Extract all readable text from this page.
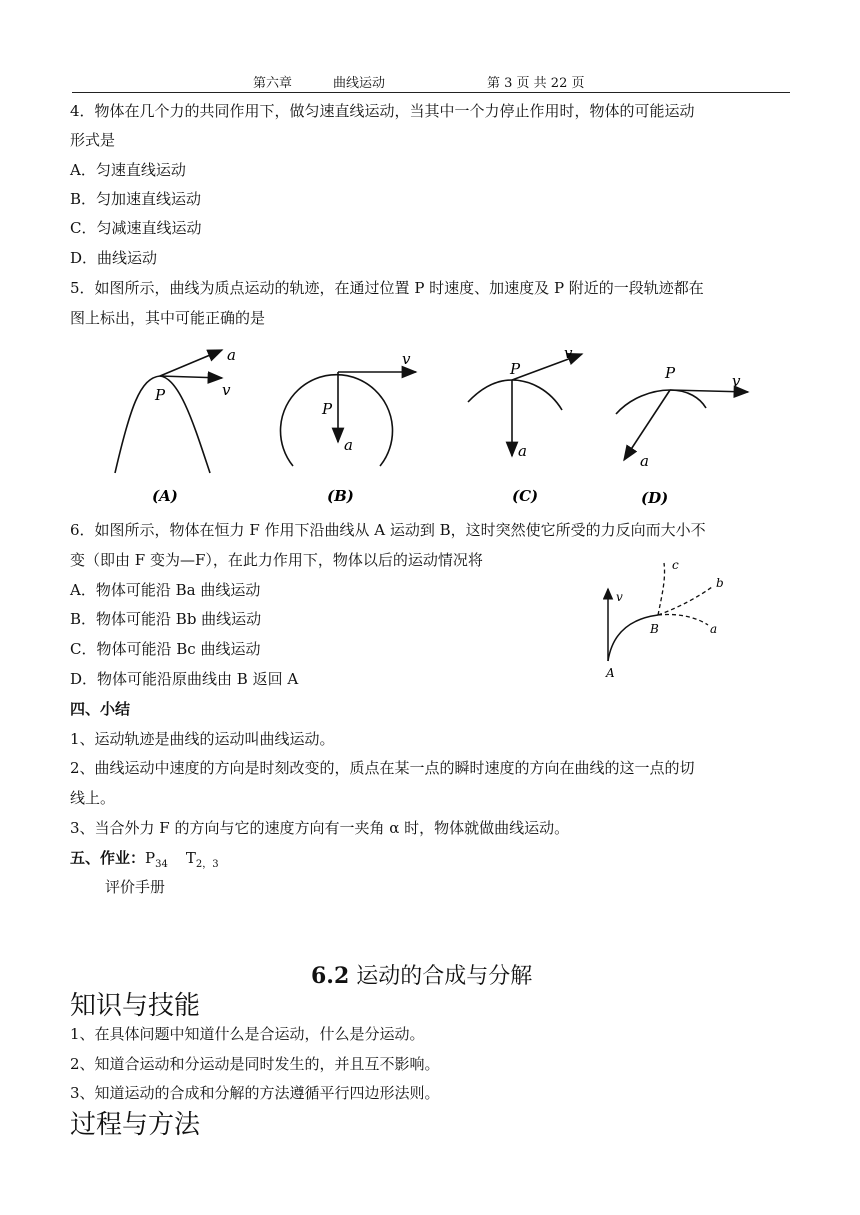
第六章	曲线运动	第 3 页 共 22 页
4．物体在几个力的共同作用下，做匀速直线运动，当其中一个力停止作用时，物体的可能运动
形式是
A．匀速直线运动
B．匀加速直线运动
C．匀减速直线运动
D．曲线运动
5．如图所示，曲线为质点运动的轨迹，在通过位置 P 时速度、加速度及 P 附近的一段轨迹都在
图上标出，其中可能正确的是
P
a
v
(A)
P
v
a
(B)
P
v
a
(C)
P	v
a
(D)
6．如图所示，物体在恒力 F 作用下沿曲线从 A 运动到 B，这时突然使它所受的力反向而大小不
变（即由 F 变为—F），在此力作用下，物体以后的运动情况将
A．物体可能沿 Ba 曲线运动
B．物体可能沿 Bb 曲线运动
C．物体可能沿 Bc 曲线运动
D．物体可能沿原曲线由 B 返回 A
v
A
B	a
b
c
四、小结
1、运动轨迹是曲线的运动叫曲线运动。
2、曲线运动中速度的方向是时刻改变的，质点在某一点的瞬时速度的方向在曲线的这一点的切
线上。
3、当合外力 F 的方向与它的速度方向有一夹角 α 时，物体就做曲线运动。
五、作业：$P_{34}$ $T_{2,3}$
评价手册
6.2 运动的合成与分解
知识与技能
1、在具体问题中知道什么是合运动，什么是分运动。
2、知道合运动和分运动是同时发生的，并且互不影响。
3、知道运动的合成和分解的方法遵循平行四边形法则。
过程与方法
